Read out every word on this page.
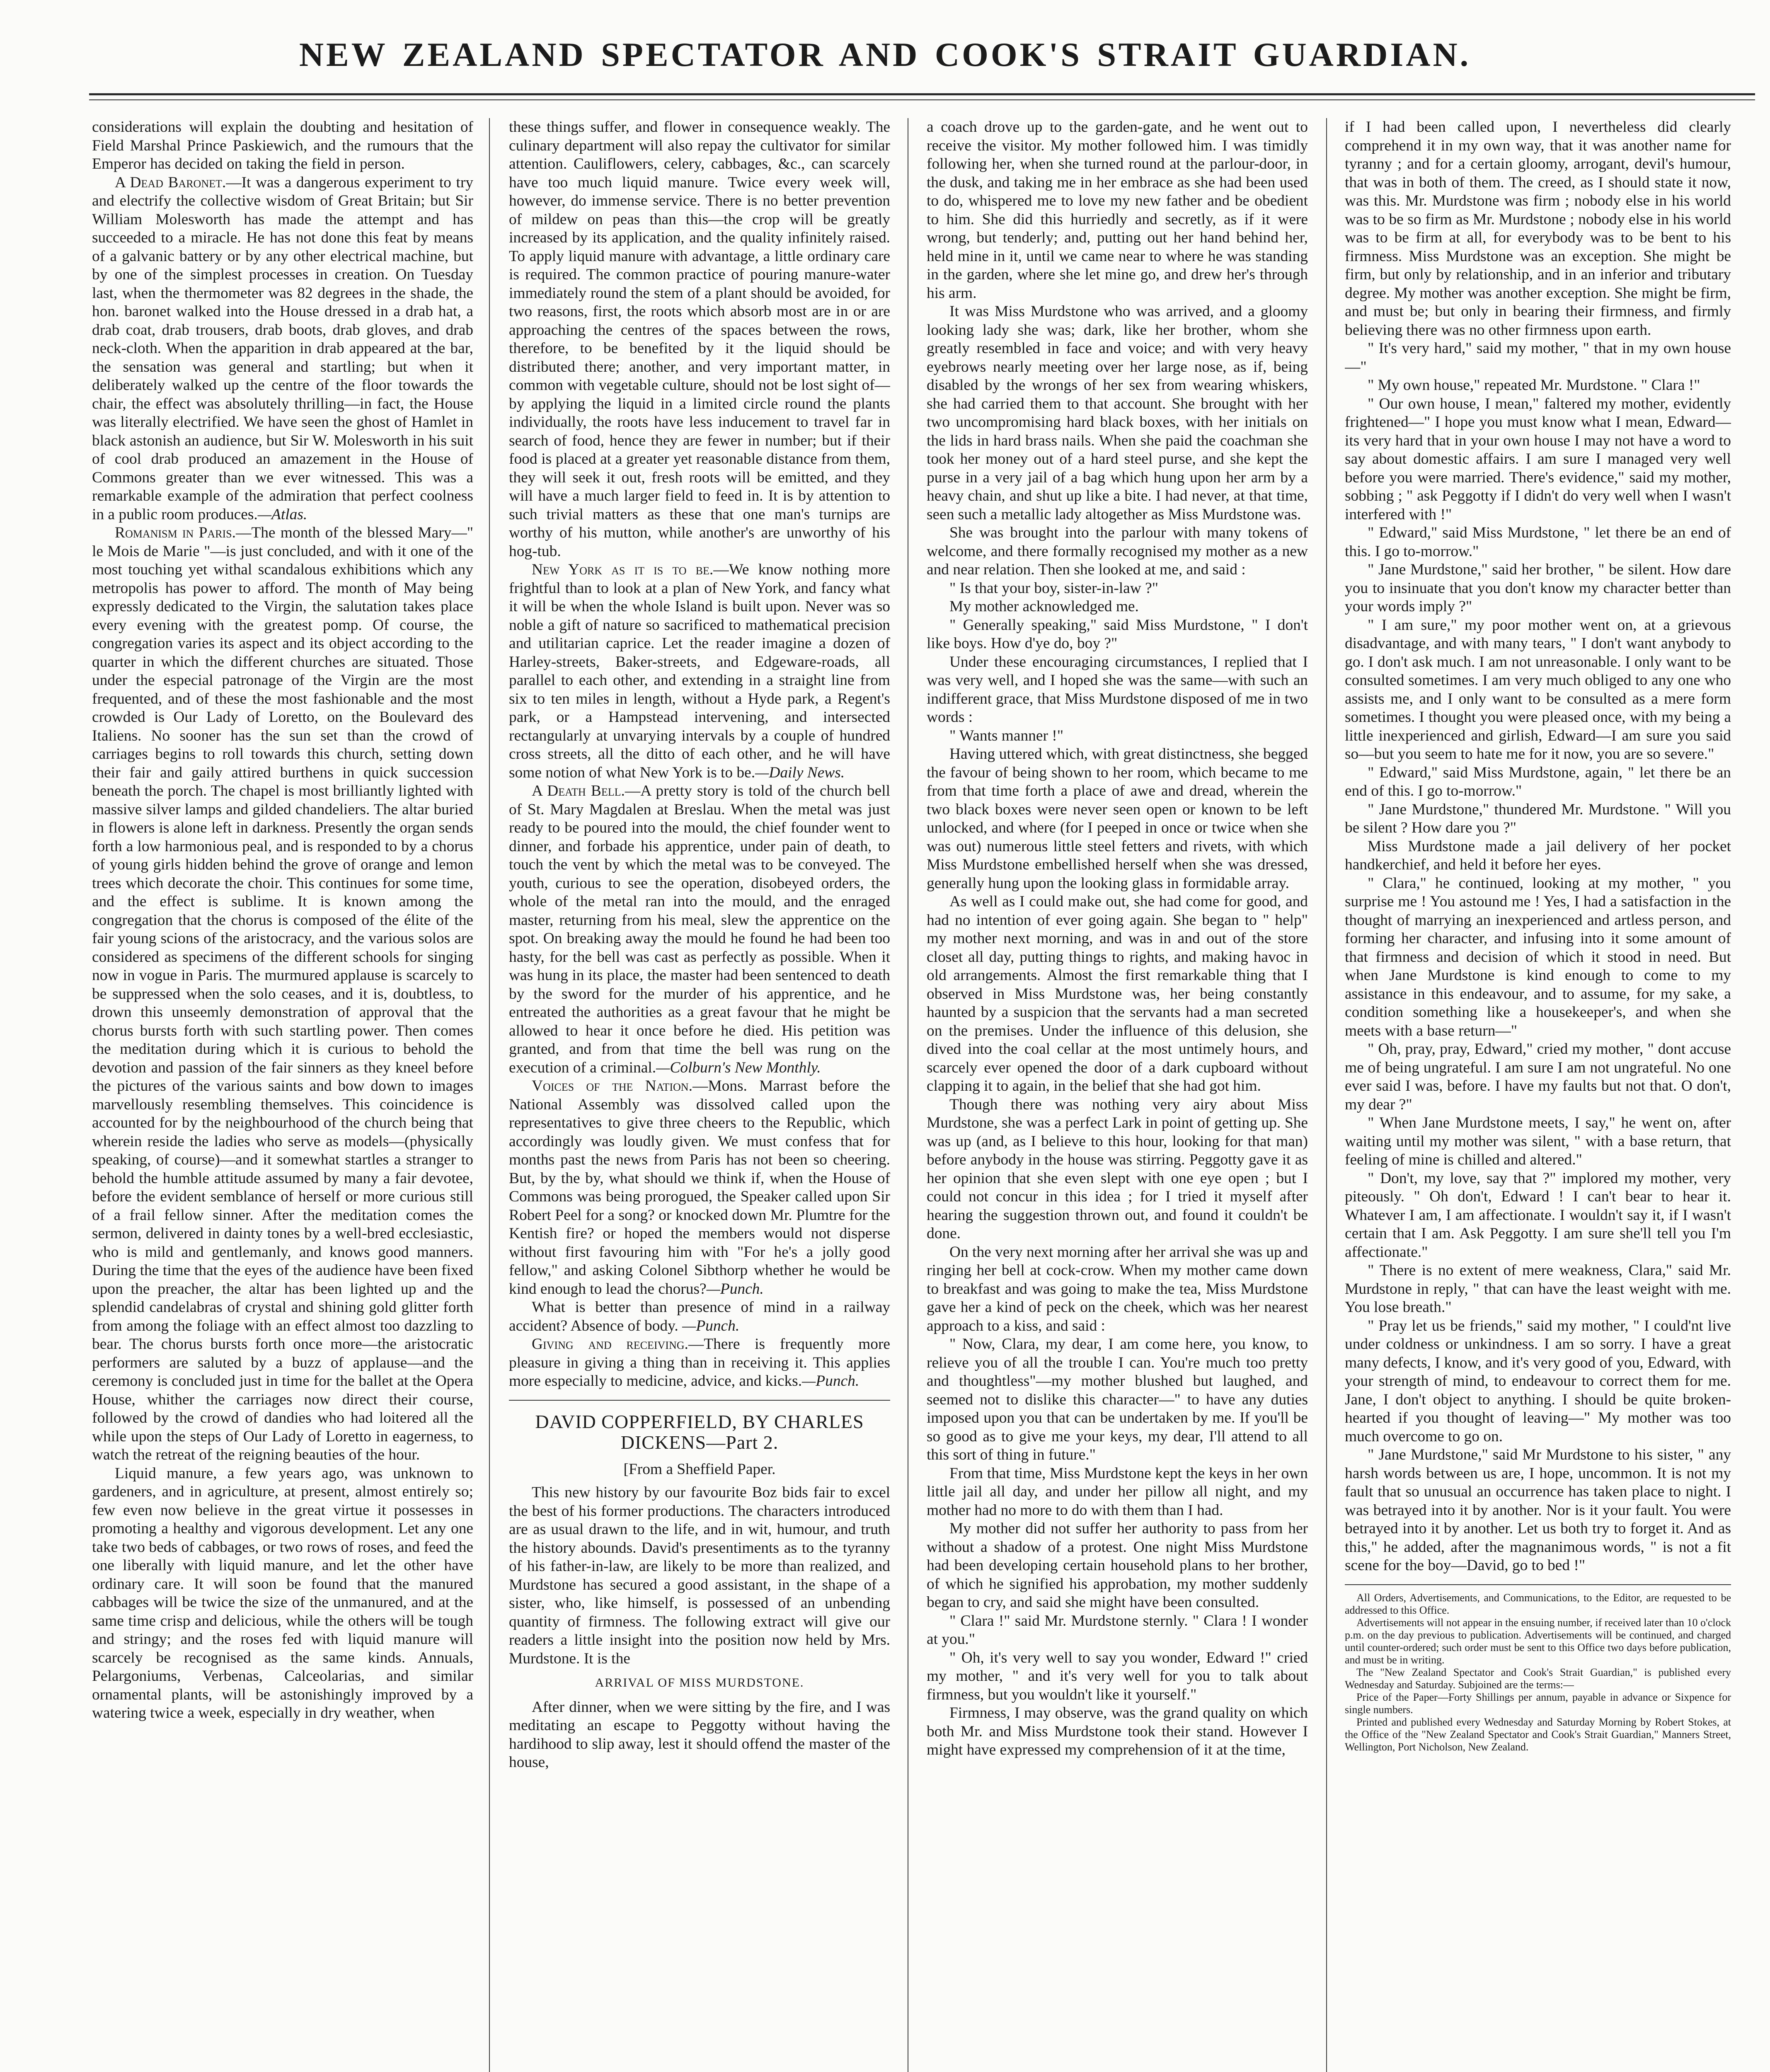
NEW ZEALAND SPECTATOR AND COOK'S STRAIT GUARDIAN.

considerations will explain the doubting and hesitation of Field Marshal Prince Paskiewich, and the rumours that the Emperor has decided on taking the field in person.

A Dead Baronet.—It was a dangerous experiment to try and electrify the collective wisdom of Great Britain; but Sir William Molesworth has made the attempt and has succeeded to a miracle. He has not done this feat by means of a galvanic battery or by any other electrical machine, but by one of the simplest processes in creation. On Tuesday last, when the thermometer was 82 degrees in the shade, the hon. baronet walked into the House dressed in a drab hat, a drab coat, drab trousers, drab boots, drab gloves, and drab neck-cloth. When the apparition in drab appeared at the bar, the sensation was general and startling; but when it deliberately walked up the centre of the floor towards the chair, the effect was absolutely thrilling—in fact, the House was literally electrified. We have seen the ghost of Hamlet in black astonish an audience, but Sir W. Molesworth in his suit of cool drab produced an amazement in the House of Commons greater than we ever witnessed. This was a remarkable example of the admiration that perfect coolness in a public room produces.—Atlas.

Romanism in Paris.—The month of the blessed Mary—" le Mois de Marie "—is just concluded, and with it one of the most touching yet withal scandalous exhibitions which any metropolis has power to afford. The month of May being expressly dedicated to the Virgin, the salutation takes place every evening with the greatest pomp. Of course, the congregation varies its aspect and its object according to the quarter in which the different churches are situated. Those under the especial patronage of the Virgin are the most frequented, and of these the most fashionable and the most crowded is Our Lady of Loretto, on the Boulevard des Italiens. No sooner has the sun set than the crowd of carriages begins to roll towards this church, setting down their fair and gaily attired burthens in quick succession beneath the porch. The chapel is most brilliantly lighted with massive silver lamps and gilded chandeliers. The altar buried in flowers is alone left in darkness. Presently the organ sends forth a low harmonious peal, and is responded to by a chorus of young girls hidden behind the grove of orange and lemon trees which decorate the choir. This continues for some time, and the effect is sublime. It is known among the congregation that the chorus is composed of the élite of the fair young scions of the aristocracy, and the various solos are considered as specimens of the different schools for singing now in vogue in Paris. The murmured applause is scarcely to be suppressed when the solo ceases, and it is, doubtless, to drown this unseemly demonstration of approval that the chorus bursts forth with such startling power. Then comes the meditation during which it is curious to behold the devotion and passion of the fair sinners as they kneel before the pictures of the various saints and bow down to images marvellously resembling themselves. This coincidence is accounted for by the neighbourhood of the church being that wherein reside the ladies who serve as models—(physically speaking, of course)—and it somewhat startles a stranger to behold the humble attitude assumed by many a fair devotee, before the evident semblance of herself or more curious still of a frail fellow sinner. After the meditation comes the sermon, delivered in dainty tones by a well-bred ecclesiastic, who is mild and gentlemanly, and knows good manners. During the time that the eyes of the audience have been fixed upon the preacher, the altar has been lighted up and the splendid candelabras of crystal and shining gold glitter forth from among the foliage with an effect almost too dazzling to bear. The chorus bursts forth once more—the aristocratic performers are saluted by a buzz of applause—and the ceremony is concluded just in time for the ballet at the Opera House, whither the carriages now direct their course, followed by the crowd of dandies who had loitered all the while upon the steps of Our Lady of Loretto in eagerness, to watch the retreat of the reigning beauties of the hour.

Liquid manure, a few years ago, was unknown to gardeners, and in agriculture, at present, almost entirely so; few even now believe in the great virtue it possesses in promoting a healthy and vigorous development. Let any one take two beds of cabbages, or two rows of roses, and feed the one liberally with liquid manure, and let the other have ordinary care. It will soon be found that the manured cabbages will be twice the size of the unmanured, and at the same time crisp and delicious, while the others will be tough and stringy; and the roses fed with liquid manure will scarcely be recognised as the same kinds. Annuals, Pelargoniums, Verbenas, Calceolarias, and similar ornamental plants, will be astonishingly improved by a watering twice a week, especially in dry weather, when

these things suffer, and flower in consequence weakly. The culinary department will also repay the cultivator for similar attention. Cauliflowers, celery, cabbages, &c., can scarcely have too much liquid manure. Twice every week will, however, do immense service. There is no better prevention of mildew on peas than this—the crop will be greatly increased by its application, and the quality infinitely raised. To apply liquid manure with advantage, a little ordinary care is required. The common practice of pouring manure-water immediately round the stem of a plant should be avoided, for two reasons, first, the roots which absorb most are in or are approaching the centres of the spaces between the rows, therefore, to be benefited by it the liquid should be distributed there; another, and very important matter, in common with vegetable culture, should not be lost sight of—by applying the liquid in a limited circle round the plants individually, the roots have less inducement to travel far in search of food, hence they are fewer in number; but if their food is placed at a greater yet reasonable distance from them, they will seek it out, fresh roots will be emitted, and they will have a much larger field to feed in. It is by attention to such trivial matters as these that one man's turnips are worthy of his mutton, while another's are unworthy of his hog-tub.

New York as it is to be.—We know nothing more frightful than to look at a plan of New York, and fancy what it will be when the whole Island is built upon. Never was so noble a gift of nature so sacrificed to mathematical precision and utilitarian caprice. Let the reader imagine a dozen of Harley-streets, Baker-streets, and Edgeware-roads, all parallel to each other, and extending in a straight line from six to ten miles in length, without a Hyde park, a Regent's park, or a Hampstead intervening, and intersected rectangularly at unvarying intervals by a couple of hundred cross streets, all the ditto of each other, and he will have some notion of what New York is to be.—Daily News.

A Death Bell.—A pretty story is told of the church bell of St. Mary Magdalen at Breslau. When the metal was just ready to be poured into the mould, the chief founder went to dinner, and forbade his apprentice, under pain of death, to touch the vent by which the metal was to be conveyed. The youth, curious to see the operation, disobeyed orders, the whole of the metal ran into the mould, and the enraged master, returning from his meal, slew the apprentice on the spot. On breaking away the mould he found he had been too hasty, for the bell was cast as perfectly as possible. When it was hung in its place, the master had been sentenced to death by the sword for the murder of his apprentice, and he entreated the authorities as a great favour that he might be allowed to hear it once before he died. His petition was granted, and from that time the bell was rung on the execution of a criminal.—Colburn's New Monthly.

Voices of the Nation.—Mons. Marrast before the National Assembly was dissolved called upon the representatives to give three cheers to the Republic, which accordingly was loudly given. We must confess that for months past the news from Paris has not been so cheering. But, by the by, what should we think if, when the House of Commons was being prorogued, the Speaker called upon Sir Robert Peel for a song? or knocked down Mr. Plumtre for the Kentish fire? or hoped the members would not disperse without first favouring him with "For he's a jolly good fellow," and asking Colonel Sibthorp whether he would be kind enough to lead the chorus?—Punch.

What is better than presence of mind in a railway accident? Absence of body. —Punch.

Giving and receiving.—There is frequently more pleasure in giving a thing than in receiving it. This applies more especially to medicine, advice, and kicks.—Punch.

DAVID COPPERFIELD, BY CHARLES DICKENS—Part 2.

[From a Sheffield Paper.

This new history by our favourite Boz bids fair to excel the best of his former productions. The characters introduced are as usual drawn to the life, and in wit, humour, and truth the history abounds. David's presentiments as to the tyranny of his father-in-law, are likely to be more than realized, and Murdstone has secured a good assistant, in the shape of a sister, who, like himself, is possessed of an unbending quantity of firmness. The following extract will give our readers a little insight into the position now held by Mrs. Murdstone. It is the

ARRIVAL OF MISS MURDSTONE.

After dinner, when we were sitting by the fire, and I was meditating an escape to Peggotty without having the hardihood to slip away, lest it should offend the master of the house,

a coach drove up to the garden-gate, and he went out to receive the visitor. My mother followed him. I was timidly following her, when she turned round at the parlour-door, in the dusk, and taking me in her embrace as she had been used to do, whispered me to love my new father and be obedient to him. She did this hurriedly and secretly, as if it were wrong, but tenderly; and, putting out her hand behind her, held mine in it, until we came near to where he was standing in the garden, where she let mine go, and drew her's through his arm.

It was Miss Murdstone who was arrived, and a gloomy looking lady she was; dark, like her brother, whom she greatly resembled in face and voice; and with very heavy eyebrows nearly meeting over her large nose, as if, being disabled by the wrongs of her sex from wearing whiskers, she had carried them to that account. She brought with her two uncompromising hard black boxes, with her initials on the lids in hard brass nails. When she paid the coachman she took her money out of a hard steel purse, and she kept the purse in a very jail of a bag which hung upon her arm by a heavy chain, and shut up like a bite. I had never, at that time, seen such a metallic lady altogether as Miss Murdstone was.

She was brought into the parlour with many tokens of welcome, and there formally recognised my mother as a new and near relation. Then she looked at me, and said :

" Is that your boy, sister-in-law ?"

My mother acknowledged me.

" Generally speaking," said Miss Murdstone, " I don't like boys. How d'ye do, boy ?"

Under these encouraging circumstances, I replied that I was very well, and I hoped she was the same—with such an indifferent grace, that Miss Murdstone disposed of me in two words :

" Wants manner !"

Having uttered which, with great distinctness, she begged the favour of being shown to her room, which became to me from that time forth a place of awe and dread, wherein the two black boxes were never seen open or known to be left unlocked, and where (for I peeped in once or twice when she was out) numerous little steel fetters and rivets, with which Miss Murdstone embellished herself when she was dressed, generally hung upon the looking glass in formidable array.

As well as I could make out, she had come for good, and had no intention of ever going again. She began to " help" my mother next morning, and was in and out of the store closet all day, putting things to rights, and making havoc in old arrangements. Almost the first remarkable thing that I observed in Miss Murdstone was, her being constantly haunted by a suspicion that the servants had a man secreted on the premises. Under the influence of this delusion, she dived into the coal cellar at the most untimely hours, and scarcely ever opened the door of a dark cupboard without clapping it to again, in the belief that she had got him.

Though there was nothing very airy about Miss Murdstone, she was a perfect Lark in point of getting up. She was up (and, as I believe to this hour, looking for that man) before anybody in the house was stirring. Peggotty gave it as her opinion that she even slept with one eye open ; but I could not concur in this idea ; for I tried it myself after hearing the suggestion thrown out, and found it couldn't be done.

On the very next morning after her arrival she was up and ringing her bell at cock-crow. When my mother came down to breakfast and was going to make the tea, Miss Murdstone gave her a kind of peck on the cheek, which was her nearest approach to a kiss, and said :

" Now, Clara, my dear, I am come here, you know, to relieve you of all the trouble I can. You're much too pretty and thoughtless"—my mother blushed but laughed, and seemed not to dislike this character—" to have any duties imposed upon you that can be undertaken by me. If you'll be so good as to give me your keys, my dear, I'll attend to all this sort of thing in future."

From that time, Miss Murdstone kept the keys in her own little jail all day, and under her pillow all night, and my mother had no more to do with them than I had.

My mother did not suffer her authority to pass from her without a shadow of a protest. One night Miss Murdstone had been developing certain household plans to her brother, of which he signified his approbation, my mother suddenly began to cry, and said she might have been consulted.

" Clara !" said Mr. Murdstone sternly. " Clara ! I wonder at you."

" Oh, it's very well to say you wonder, Edward !" cried my mother, " and it's very well for you to talk about firmness, but you wouldn't like it yourself."

Firmness, I may observe, was the grand quality on which both Mr. and Miss Murdstone took their stand. However I might have expressed my comprehension of it at the time,

if I had been called upon, I nevertheless did clearly comprehend it in my own way, that it was another name for tyranny ; and for a certain gloomy, arrogant, devil's humour, that was in both of them. The creed, as I should state it now, was this. Mr. Murdstone was firm ; nobody else in his world was to be so firm as Mr. Murdstone ; nobody else in his world was to be firm at all, for everybody was to be bent to his firmness. Miss Murdstone was an exception. She might be firm, but only by relationship, and in an inferior and tributary degree. My mother was another exception. She might be firm, and must be; but only in bearing their firmness, and firmly believing there was no other firmness upon earth.

" It's very hard," said my mother, " that in my own house—"

" My own house," repeated Mr. Murdstone. " Clara !"

" Our own house, I mean," faltered my mother, evidently frightened—" I hope you must know what I mean, Edward—its very hard that in your own house I may not have a word to say about domestic affairs. I am sure I managed very well before you were married. There's evidence," said my mother, sobbing ; " ask Peggotty if I didn't do very well when I wasn't interfered with !"

" Edward," said Miss Murdstone, " let there be an end of this. I go to-morrow."

" Jane Murdstone," said her brother, " be silent. How dare you to insinuate that you don't know my character better than your words imply ?"

" I am sure," my poor mother went on, at a grievous disadvantage, and with many tears, " I don't want anybody to go. I don't ask much. I am not unreasonable. I only want to be consulted sometimes. I am very much obliged to any one who assists me, and I only want to be consulted as a mere form sometimes. I thought you were pleased once, with my being a little inexperienced and girlish, Edward—I am sure you said so—but you seem to hate me for it now, you are so severe."

" Edward," said Miss Murdstone, again, " let there be an end of this. I go to-morrow."

" Jane Murdstone," thundered Mr. Murdstone. " Will you be silent ? How dare you ?"

Miss Murdstone made a jail delivery of her pocket handkerchief, and held it before her eyes.

" Clara," he continued, looking at my mother, " you surprise me ! You astound me ! Yes, I had a satisfaction in the thought of marrying an inexperienced and artless person, and forming her character, and infusing into it some amount of that firmness and decision of which it stood in need. But when Jane Murdstone is kind enough to come to my assistance in this endeavour, and to assume, for my sake, a condition something like a housekeeper's, and when she meets with a base return—"

" Oh, pray, pray, Edward," cried my mother, " dont accuse me of being ungrateful. I am sure I am not ungrateful. No one ever said I was, before. I have my faults but not that. O don't, my dear ?"

" When Jane Murdstone meets, I say," he went on, after waiting until my mother was silent, " with a base return, that feeling of mine is chilled and altered."

" Don't, my love, say that ?" implored my mother, very piteously. " Oh don't, Edward ! I can't bear to hear it. Whatever I am, I am affectionate. I wouldn't say it, if I wasn't certain that I am. Ask Peggotty. I am sure she'll tell you I'm affectionate."

" There is no extent of mere weakness, Clara," said Mr. Murdstone in reply, " that can have the least weight with me. You lose breath."

" Pray let us be friends," said my mother, " I could'nt live under coldness or unkindness. I am so sorry. I have a great many defects, I know, and it's very good of you, Edward, with your strength of mind, to endeavour to correct them for me. Jane, I don't object to anything. I should be quite broken-hearted if you thought of leaving—" My mother was too much overcome to go on.

" Jane Murdstone," said Mr Murdstone to his sister, " any harsh words between us are, I hope, uncommon. It is not my fault that so unusual an occurrence has taken place to night. I was betrayed into it by another. Nor is it your fault. You were betrayed into it by another. Let us both try to forget it. And as this," he added, after the magnanimous words, " is not a fit scene for the boy—David, go to bed !"

All Orders, Advertisements, and Communications, to the Editor, are requested to be addressed to this Office.

Advertisements will not appear in the ensuing number, if received later than 10 o'clock p.m. on the day previous to publication. Advertisements will be continued, and charged until counter-ordered; such order must be sent to this Office two days before publication, and must be in writing.

The "New Zealand Spectator and Cook's Strait Guardian," is published every Wednesday and Saturday. Subjoined are the terms:—

Price of the Paper—Forty Shillings per annum, payable in advance or Sixpence for single numbers.

Printed and published every Wednesday and Saturday Morning by Robert Stokes, at the Office of the "New Zealand Spectator and Cook's Strait Guardian," Manners Street, Wellington, Port Nicholson, New Zealand.
